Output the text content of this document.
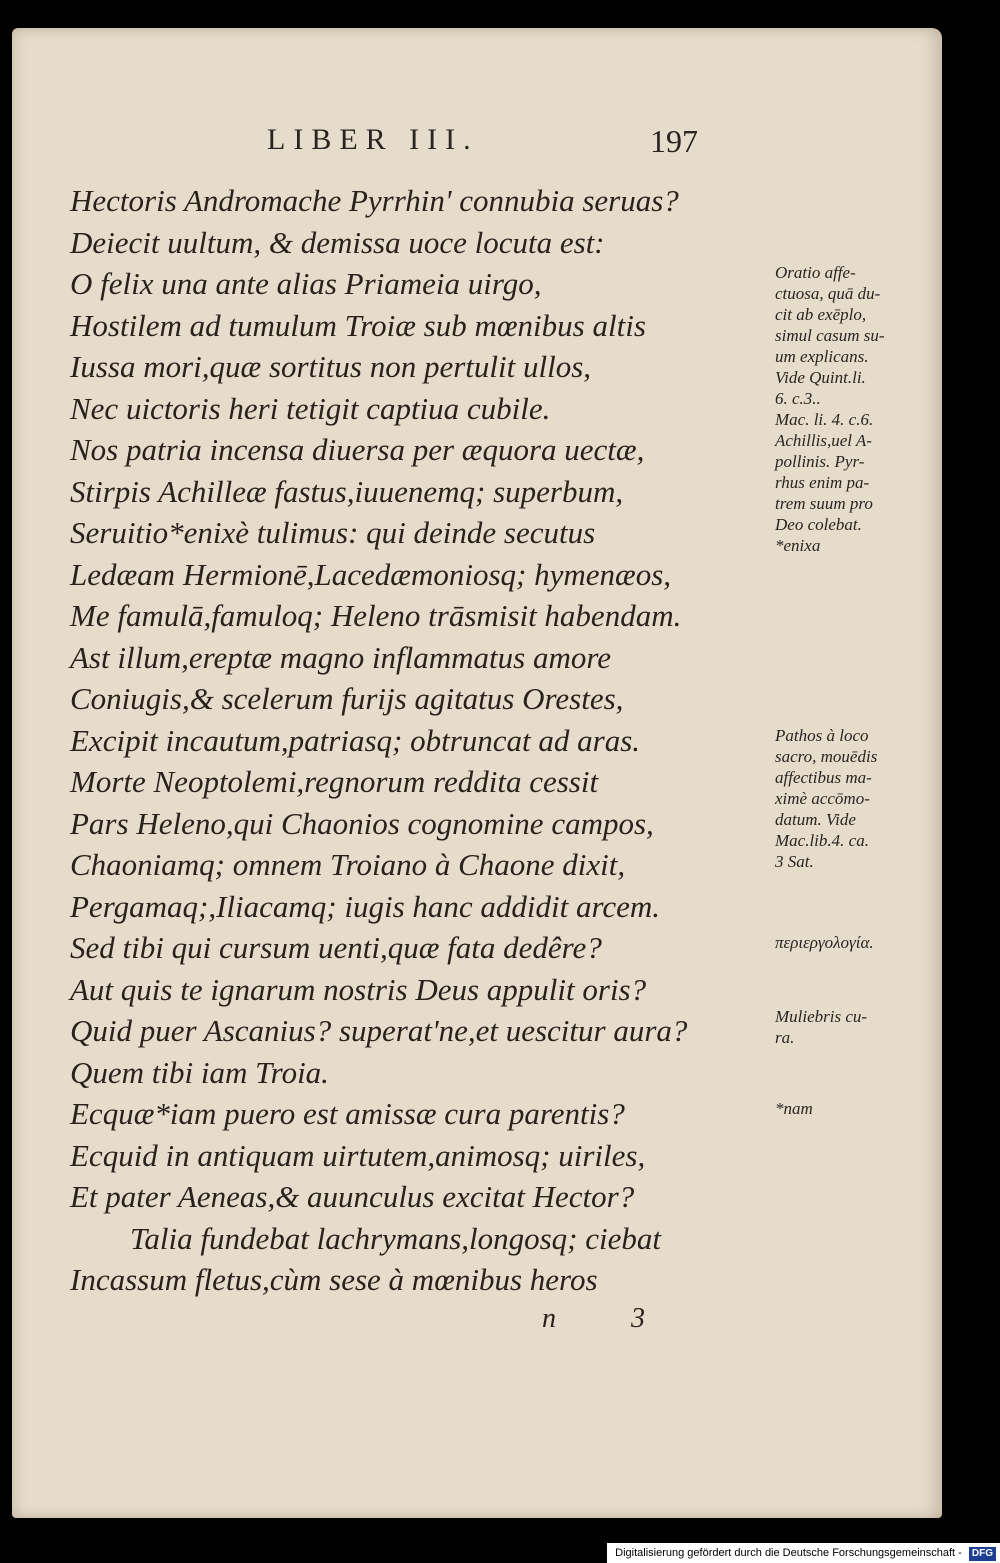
LIBER III.	197
Hectoris Andromache Pyrrhin' connubia seruas?
Deiecit uultum, & demissa uoce locuta est:
O felix una ante alias Priameia uirgo,
Hostilem ad tumulum Troiæ sub mœnibus altis
Iussa mori,quæ sortitus non pertulit ullos,
Nec uictoris heri tetigit captiua cubile.
Nos patria incensa diuersa per æquora uectæ,
Stirpis Achilleæ fastus,iuuenemq; superbum,
Seruitio*enixè tulimus: qui deinde secutus
Ledæam Hermionē,Lacedæmoniosq; hymenæos,
Me famulā,famuloq; Heleno trāsmisit habendam.
Ast illum,ereptæ magno inflammatus amore
Coniugis,& scelerum furijs agitatus Orestes,
Excipit incautum,patriasq; obtruncat ad aras.
Morte Neoptolemi,regnorum reddita cessit
Pars Heleno,qui Chaonios cognomine campos,
Chaoniamq; omnem Troiano à Chaone dixit,
Pergamaq;,Iliacamq; iugis hanc addidit arcem.
Sed tibi qui cursum uenti,quæ fata dedêre?
Aut quis te ignarum nostris Deus appulit oris?
Quid puer Ascanius? superat'ne,et uescitur aura?
Quem tibi iam Troia.
Ecquæ*iam puero est amissæ cura parentis?
Ecquid in antiquam uirtutem,animosq; uiriles,
Et pater Aeneas,& auunculus excitat Hector?
Talia fundebat lachrymans,longosq; ciebat
Incassum fletus,cùm sese à mœnibus heros
Oratio affe-
ctuosa, quā du-
cit ab exēplo,
simul casum su-
um explicans.
Vide Quint.li.
6. c.3..
Mac. li. 4. c.6.
Achillis,uel A-
pollinis. Pyr-
rhus enim pa-
trem suum pro
Deo colebat.
*enixa
Pathos à loco
sacro, mouēdis
affectibus ma-
ximè accōmo-
datum. Vide
Mac.lib.4. ca.
3 Sat.
περιεργολογία.
Muliebris cu-
ra.
*nam
n 3
Digitalisierung gefördert durch die Deutsche Forschungsgemeinschaft - DFG
